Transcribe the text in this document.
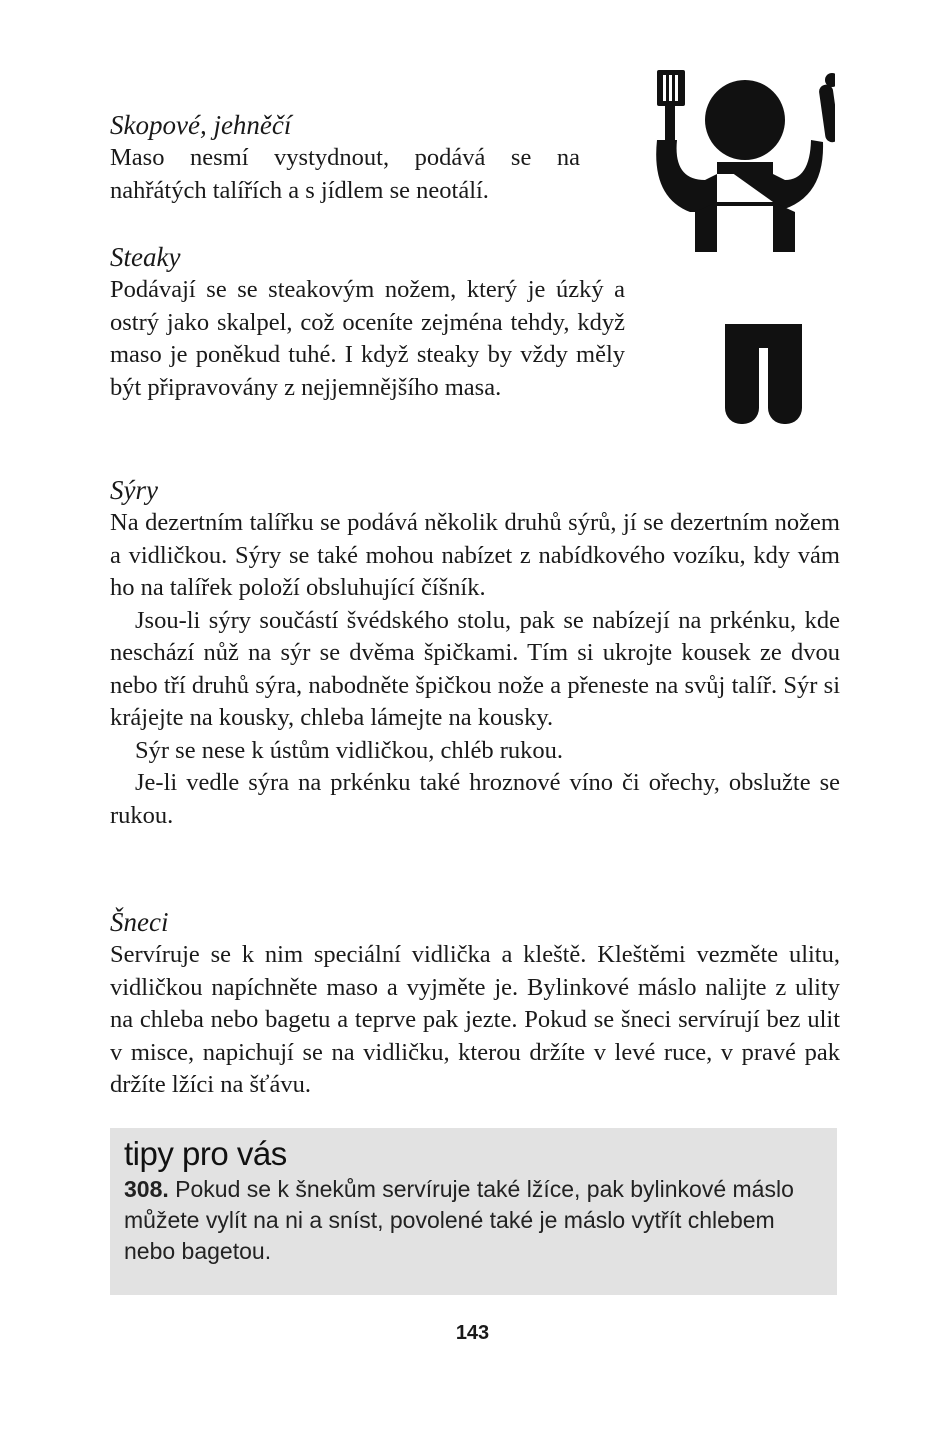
Skopové, jehněčí

Maso nesmí vystydnout, podává se na nahřátých talířích a s jídlem se neotálí.

Steaky

Podávají se se steakovým nožem, který je úzký a ostrý jako skalpel, což oceníte zejména tehdy, když maso je poněkud tuhé. I když steaky by vždy měly být připravovány z nejjemnějšího masa.

Sýry

Na dezertním talířku se podává několik druhů sýrů, jí se dezertním nožem a vidličkou. Sýry se také mohou nabízet z nabídkového vozíku, kdy vám ho na talířek položí obsluhující číšník.

Jsou-li sýry součástí švédského stolu, pak se nabízejí na prkénku, kde neschází nůž na sýr se dvěma špičkami. Tím si ukrojte kousek ze dvou nebo tří druhů sýra, nabodněte špičkou nože a přeneste na svůj talíř. Sýr si krájejte na kousky, chleba lámejte na kousky.

Sýr se nese k ústům vidličkou, chléb rukou.

Je-li vedle sýra na prkénku také hroznové víno či ořechy, obslužte se rukou.

Šneci

Servíruje se k nim speciální vidlička a kleště. Kleštěmi vezměte ulitu, vidličkou napíchněte maso a vyjměte je. Bylinkové máslo nalijte z ulity na chleba nebo bagetu a teprve pak jezte. Pokud se šneci servírují bez ulit v misce, napichují se na vidličku, kterou držíte v levé ruce, v pravé pak držíte lžíci na šťávu.

tipy pro vás

308. Pokud se k šnekům servíruje také lžíce, pak bylinkové máslo můžete vylít na ni a sníst, povolené také je máslo vytřít chlebem nebo bagetou.

143
